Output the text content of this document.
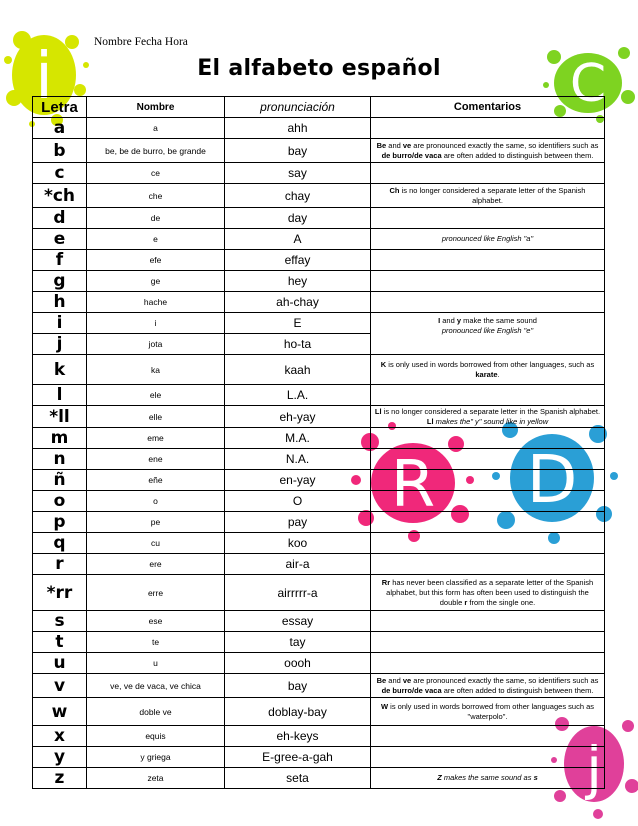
i	C
R D
j
Nombre Fecha Hora
El alfabeto español
Letra	Nombre	pronunciación	Comentarios
a	a	ahh	
b	be, be de burro, be grande	bay	Be and ve are pronounced exactly the same, so identifiers such as de burro/de vaca are often added to distinguish between them.
c	ce	say	
*ch	che	chay	Ch is no longer considered a separate letter of the Spanish alphabet.
d	de	day	
e	e	A	pronounced like English "a"
f	efe	effay	
g	ge	hey	
h	hache	ah-chay	
i	i	E	I and y make the same sound
pronounced like English "e"
j	jota	ho-ta	
k	ka	kaah	K is only used in words borrowed from other languages, such as karate.
l	ele	L.A.	
*ll	elle	eh-yay	Ll is no longer considered a separate letter in the Spanish alphabet.
Ll makes the" y" sound like in yellow
m	eme	M.A.	
n	ene	N.A.	
ñ	eñe	en-yay	
o	o	O	
p	pe	pay	
q	cu	koo	
r	ere	air-a	
*rr	erre	airrrrr-a	Rr has never been classified as a separate letter of the Spanish alphabet, but this form has often been used to distinguish the double r from the single one.
s	ese	essay	
t	te	tay	
u	u	oooh	
v	ve, ve de vaca, ve chica	bay	Be and ve are pronounced exactly the same, so identifiers such as de burro/de vaca are often added to distinguish between them.
w	doble ve	doblay-bay	W is only used in words borrowed from other languages such as "waterpolo".
x	equis	eh-keys	
y	y griega	E-gree-a-gah	
z	zeta	seta	Z makes the same sound as s
